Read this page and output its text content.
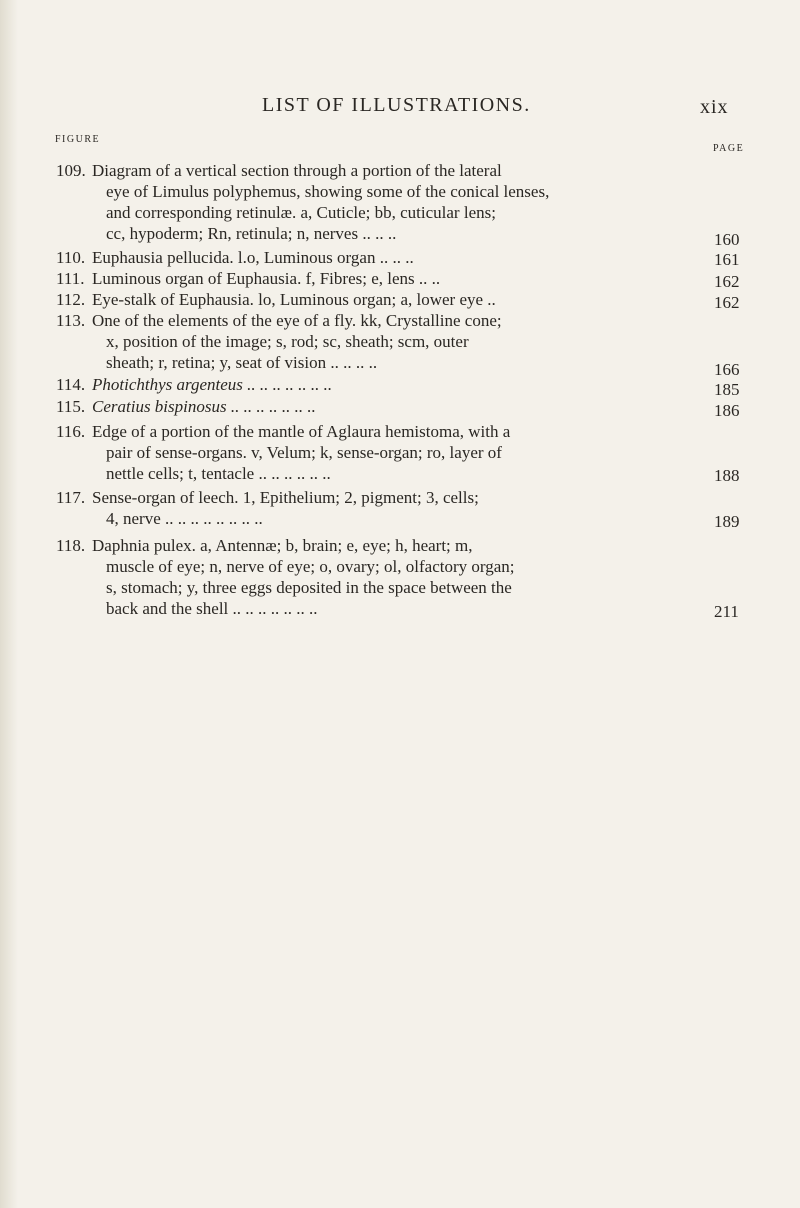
LIST OF ILLUSTRATIONS.	xix
FIGURE
PAGE
109. Diagram of a vertical section through a portion of the lateral
eye of Limulus polyphemus, showing some of the conical lenses,
and corresponding retinulæ. a, Cuticle; bb, cuticular lens;
cc, hypoderm; Rn, retinula; n, nerves .. .. ..	160
110. Euphausia pellucida. l.o, Luminous organ .. .. ..	161
111. Luminous organ of Euphausia. f, Fibres; e, lens .. ..	162
112. Eye-stalk of Euphausia. lo, Luminous organ; a, lower eye ..	162
113. One of the elements of the eye of a fly. kk, Crystalline cone;
x, position of the image; s, rod; sc, sheath; scm, outer
sheath; r, retina; y, seat of vision .. .. .. ..	166
114. Photichthys argenteus .. .. .. .. .. .. ..	185
115. Ceratius bispinosus .. .. .. .. .. .. ..	186
116. Edge of a portion of the mantle of Aglaura hemistoma, with a
pair of sense-organs. v, Velum; k, sense-organ; ro, layer of
nettle cells; t, tentacle .. .. .. .. .. ..	188
117. Sense-organ of leech. 1, Epithelium; 2, pigment; 3, cells;
4, nerve .. .. .. .. .. .. .. ..	189
118. Daphnia pulex. a, Antennæ; b, brain; e, eye; h, heart; m,
muscle of eye; n, nerve of eye; o, ovary; ol, olfactory organ;
s, stomach; y, three eggs deposited in the space between the
back and the shell .. .. .. .. .. .. ..	211
